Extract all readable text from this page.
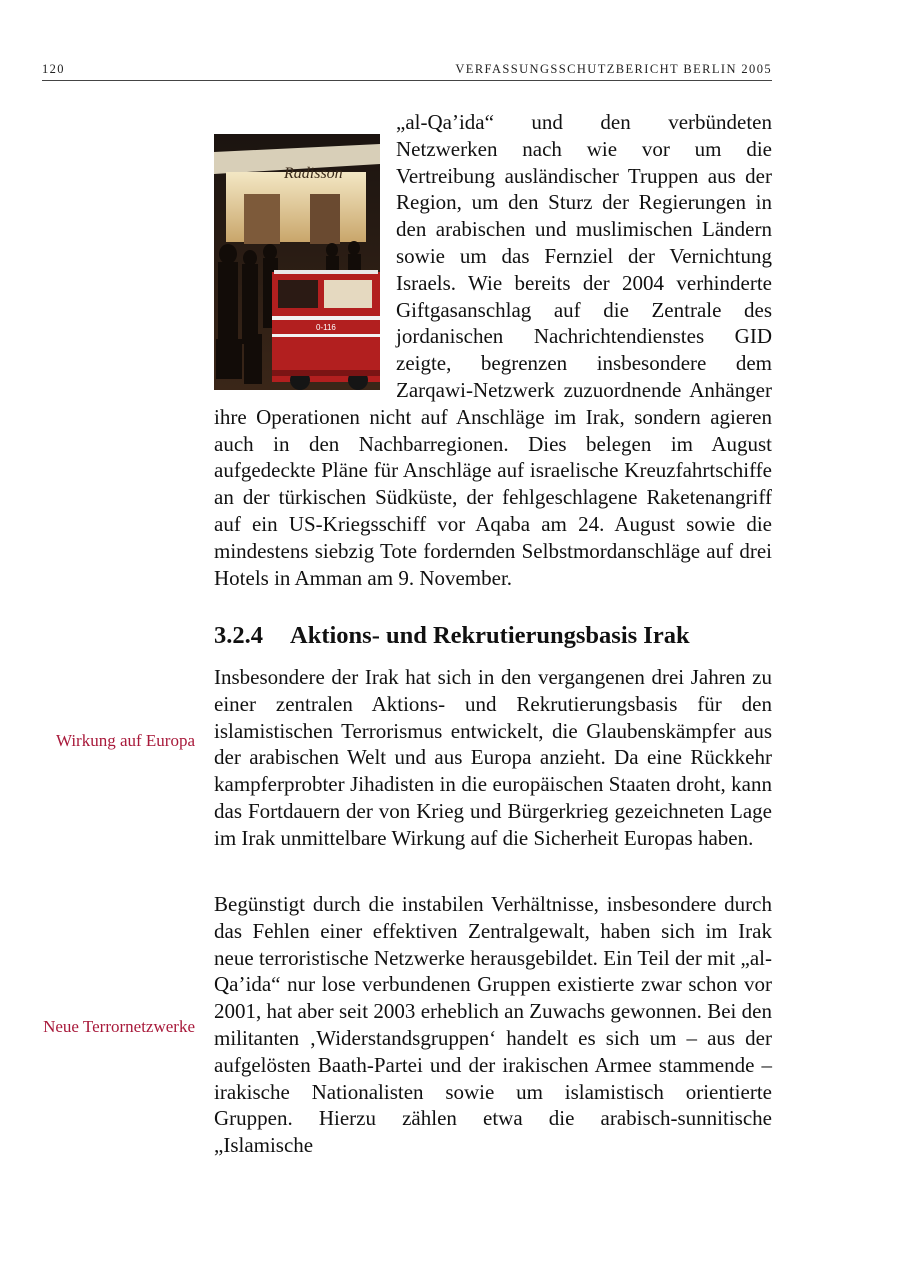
120	VERFASSUNGSSCHUTZBERICHT BERLIN 2005
Radisson
0-116

„al-Qa’ida“ und den verbündeten Netzwerken nach wie vor um die Vertreibung ausländischer Truppen aus der Region, um den Sturz der Regierungen in den arabischen und muslimischen Ländern sowie um das Fernziel der Vernichtung Israels. Wie bereits der 2004 verhinderte Giftgasanschlag auf die Zentrale des jordanischen Nachrichtendienstes GID zeigte, begrenzen insbesondere dem Zarqawi-Netzwerk zuzuordnende Anhänger ihre Operationen nicht auf Anschläge im Irak, sondern agieren auch in den Nachbarregionen. Dies belegen im August aufgedeckte Pläne für Anschläge auf israelische Kreuzfahrtschiffe an der türkischen Südküste, der fehlgeschlagene Raketenangriff auf ein US-Kriegsschiff vor Aqaba am 24. August sowie die mindestens siebzig Tote fordernden Selbstmordanschläge auf drei Hotels in Amman am 9. November.

3.2.4 Aktions- und Rekrutierungsbasis Irak

Insbesondere der Irak hat sich in den vergangenen drei Jahren zu einer zentralen Aktions- und Rekrutierungsbasis für den islamistischen Terrorismus entwickelt, die Glaubenskämpfer aus der arabischen Welt und aus Europa anzieht. Da eine Rückkehr kampferprobter Jihadisten in die europäischen Staaten droht, kann das Fortdauern der von Krieg und Bürgerkrieg gezeichneten Lage im Irak unmittelbare Wirkung auf die Sicherheit Europas haben.

Begünstigt durch die instabilen Verhältnisse, insbesondere durch das Fehlen einer effektiven Zentralgewalt, haben sich im Irak neue terroristische Netzwerke herausgebildet. Ein Teil der mit „al-Qa’ida“ nur lose verbundenen Gruppen existierte zwar schon vor 2001, hat aber seit 2003 erheblich an Zuwachs gewonnen. Bei den militanten ‚Widerstandsgruppen‘ handelt es sich um – aus der aufgelösten Baath-Partei und der irakischen Armee stammende – irakische Nationalisten sowie um islamistisch orientierte Gruppen. Hierzu zählen etwa die arabisch-sunnitische „Islamische

Wirkung auf Europa
Neue Terrornetzwerke
